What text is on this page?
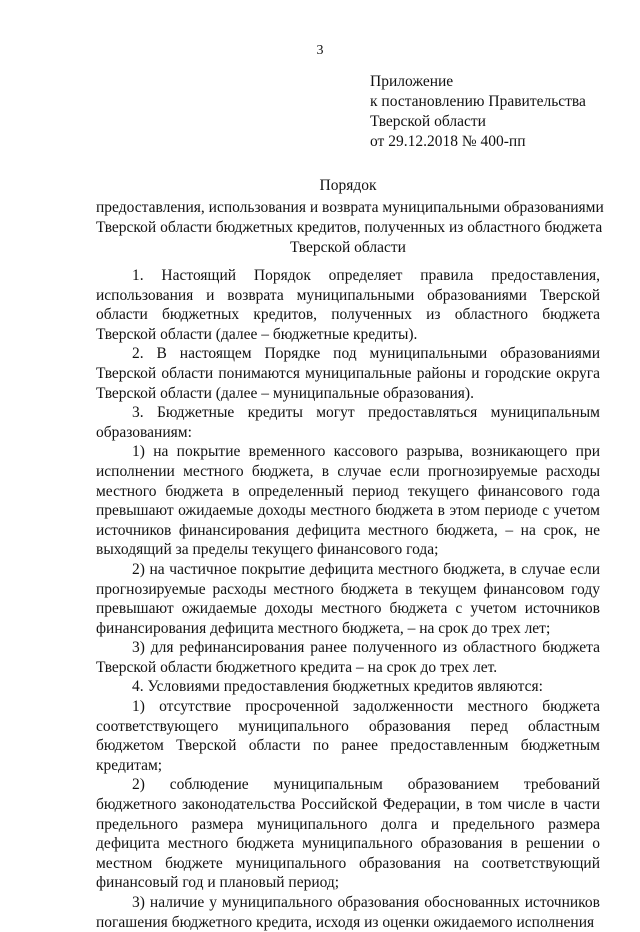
3
Приложение
к постановлению Правительства
Тверской области
от 29.12.2018 № 400-пп
Порядок
предоставления, использования и возврата муниципальными образованиями
Тверской области бюджетных кредитов, полученных из областного бюджета
Тверской области

1. Настоящий Порядок определяет правила предоставления, использования и возврата муниципальными образованиями Тверской области бюджетных кредитов, полученных из областного бюджета Тверской области (далее – бюджетные кредиты).

2. В настоящем Порядке под муниципальными образованиями Тверской области понимаются муниципальные районы и городские округа Тверской области (далее – муниципальные образования).

3. Бюджетные кредиты могут предоставляться муниципальным образованиям:

1) на покрытие временного кассового разрыва, возникающего при исполнении местного бюджета, в случае если прогнозируемые расходы местного бюджета в определенный период текущего финансового года превышают ожидаемые доходы местного бюджета в этом периоде с учетом источников финансирования дефицита местного бюджета, – на срок, не выходящий за пределы текущего финансового года;

2) на частичное покрытие дефицита местного бюджета, в случае если прогнозируемые расходы местного бюджета в текущем финансовом году превышают ожидаемые доходы местного бюджета с учетом источников финансирования дефицита местного бюджета, – на срок до трех лет;

3) для рефинансирования ранее полученного из областного бюджета Тверской области бюджетного кредита – на срок до трех лет.

4. Условиями предоставления бюджетных кредитов являются:

1) отсутствие просроченной задолженности местного бюджета соответствующего муниципального образования перед областным бюджетом Тверской области по ранее предоставленным бюджетным кредитам;

2) соблюдение муниципальным образованием требований бюджетного законодательства Российской Федерации, в том числе в части предельного размера муниципального долга и предельного размера дефицита местного бюджета муниципального образования в решении о местном бюджете муниципального образования на соответствующий финансовый год и плановый период;

3) наличие у муниципального образования обоснованных источников погашения бюджетного кредита, исходя из оценки ожидаемого исполнения
